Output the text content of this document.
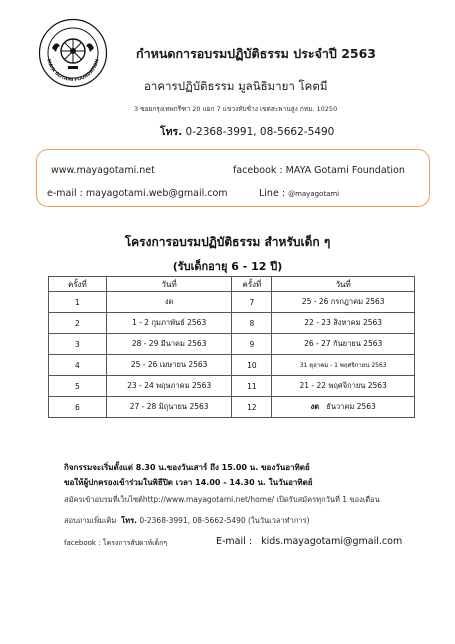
MAYA GOTAMI FOUNDATION
กำหนดการอบรมปฏิบัติธรรม ประจำปี 2563
อาคารปฏิบัติธรรม มูลนิธิมายา โคตมี
3 ซอยกรุงเทพกรีฑา 20 แยก 7 แขวงทับช้าง เขตสะพานสูง กทม. 10250
โทร. 0-2368-3991, 08-5662-5490
www.mayagotami.net	facebook : MAYA Gotami Foundation
e-mail : mayagotami.web@gmail.com	Line : @mayagotami
โครงการอบรมปฏิบัติธรรม สำหรับเด็ก ๆ
(รับเด็กอายุ 6 - 12 ปี)
ครั้งที่	วันที่	ครั้งที่	วันที่
1	งด	7	25 - 26 กรกฎาคม 2563
2	1 - 2 กุมภาพันธ์ 2563	8	22 - 23 สิงหาคม 2563
3	28 - 29 มีนาคม 2563	9	26 - 27 กันยายน 2563
4	25 - 26 เมษายน 2563	10	31 ตุลาคม - 1 พฤศจิกายน 2563
5	23 - 24 พฤษภาคม 2563	11	21 - 22 พฤศจิกายน 2563
6	27 - 28 มิถุนายน 2563	12	งด ธันวาคม 2563
กิจกรรมจะเริ่มตั้งแต่ 8.30 น.ของวันเสาร์ ถึง 15.00 น. ของวันอาทิตย์
ขอให้ผู้ปกครองเข้าร่วมในพิธีปิด เวลา 14.00 - 14.30 น. ในวันอาทิตย์
สมัครเข้าอบรมที่เว็บไซต์http://www.mayagotami.net/home/ เปิดรับสมัครทุกวันที่ 1 ของเดือน
สอบถามเพิ่มเติม โทร. 0-2368-3991, 08-5662-5490 (ในวันเวลาทำการ)
facebook : โครงการสัปดาห์เด็กๆ	E-mail :   kids.mayagotami@gmail.com
